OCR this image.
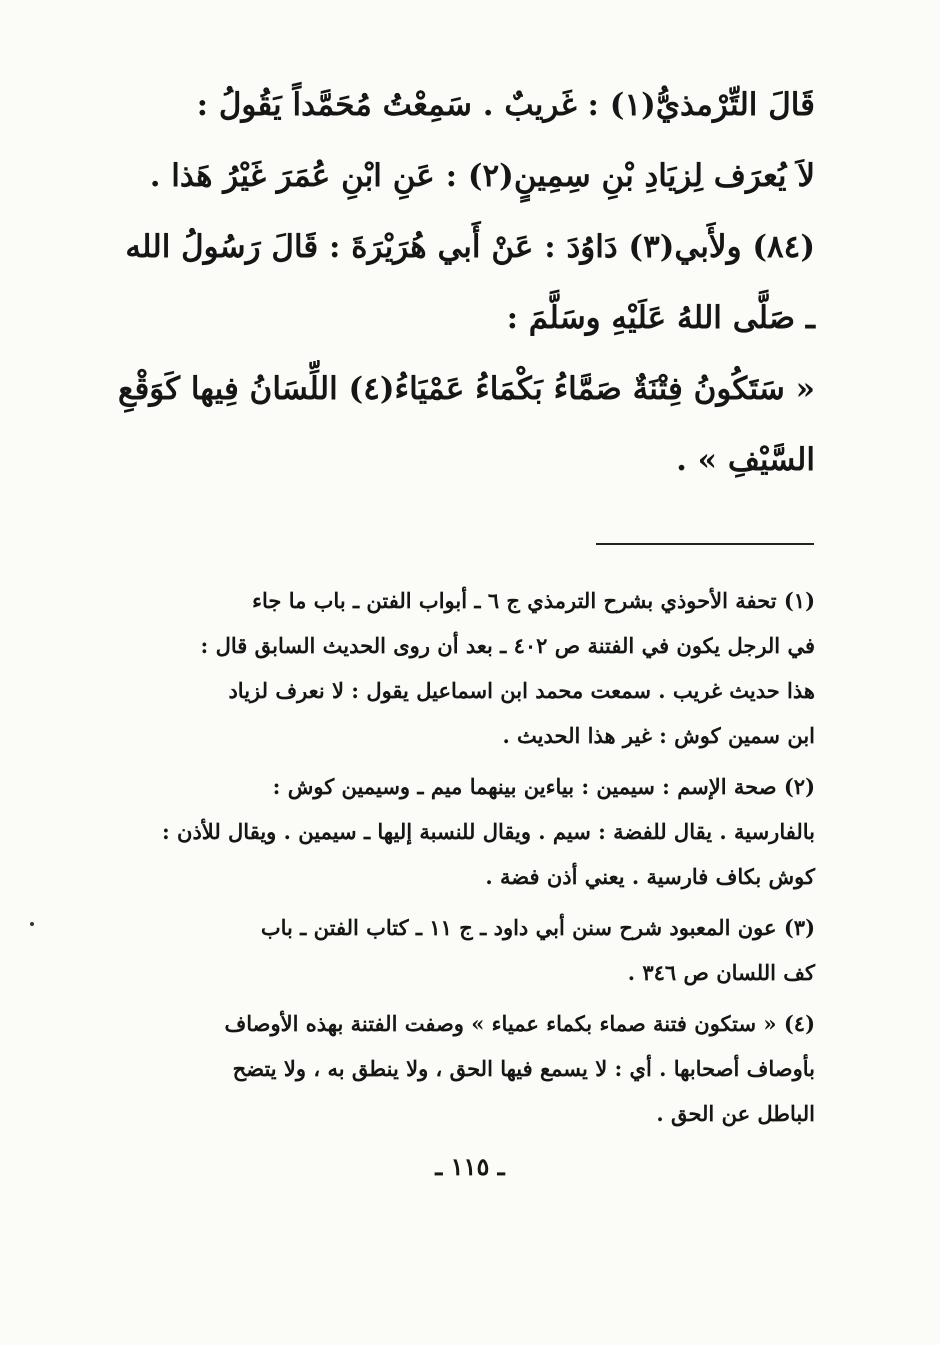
قَالَ التِّرْمذيُّ(١) : غَريبٌ . سَمِعْتُ مُحَمَّداً يَقُولُ :
لاَ يُعرَف لِزيَادِ بْنِ سِمِينٍ(٢) : عَنِ ابْنِ عُمَرَ غَيْرُ هَذا .
(٨٤) ولأَبي(٣) دَاوُدَ : عَنْ أَبي هُرَيْرَةَ : قَالَ رَسُولُ الله
ـ صَلَّى اللهُ عَلَيْهِ وسَلَّمَ :
« سَتَكُونُ فِتْنَةٌ صَمَّاءُ بَكْمَاءُ عَمْيَاءُ(٤) اللِّسَانُ فِيها كَوَقْعِ
السَّيْفِ » .
(١) تحفة الأحوذي بشرح الترمذي ج ٦ ـ أبواب الفتن ـ باب ما جاء
في الرجل يكون في الفتنة ص ٤٠٢ ـ بعد أن روى الحديث السابق قال :
هذا حديث غريب . سمعت محمد ابن اسماعيل يقول : لا نعرف لزياد
ابن سمين كوش : غير هذا الحديث .
(٢) صحة الإسم : سيمين : بياءين بينهما ميم ـ وسيمين كوش :
بالفارسية . يقال للفضة : سيم . ويقال للنسبة إليها ـ سيمين . ويقال للأذن :
كوش بكاف فارسية . يعني أذن فضة .
(٣) عون المعبود شرح سنن أبي داود ـ ج ١١ ـ كتاب الفتن ـ باب
كف اللسان ص ٣٤٦ .
(٤) « ستكون فتنة صماء بكماء عمياء » وصفت الفتنة بهذه الأوصاف
بأوصاف أصحابها . أي : لا يسمع فيها الحق ، ولا ينطق به ، ولا يتضح
الباطل عن الحق .
ـ ١١٥ ـ
